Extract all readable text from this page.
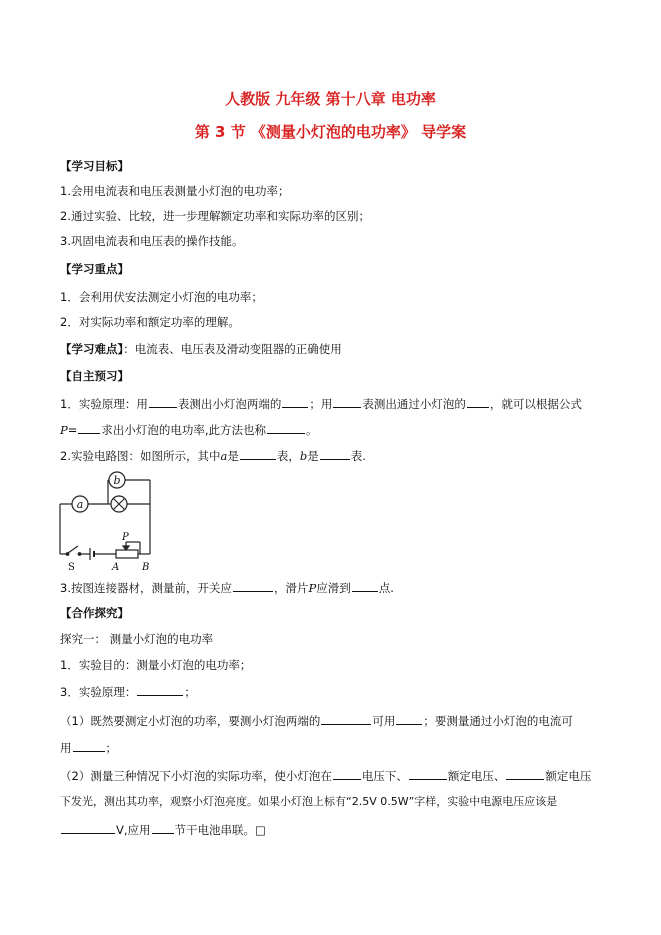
人教版 九年级 第十八章 电功率
第 3 节 《测量小灯泡的电功率》 导学案
【学习目标】
1.会用电流表和电压表测量小灯泡的电功率；
2.通过实验、比较，进一步理解额定功率和实际功率的区别；
3.巩固电流表和电压表的操作技能。
【学习重点】
1．会利用伏安法测定小灯泡的电功率；
2．对实际功率和额定功率的理解。
【学习难点】：电流表、电压表及滑动变阻器的正确使用
【自主预习】
1．实验原理：用	表测出小灯泡两端的 ；用	表测出通过小灯泡的 ，就可以根据公式
P= 求出小灯泡的电功率,此方法也称	。
2.实验电路图：如图所示，其中a是	表，b是	表.
a
b
P
S	A B
3.按图连接器材，测量前，开关应	，滑片P应滑到 点.
【合作探究】
探究一： 测量小灯泡的电功率
1．实验目的：测量小灯泡的电功率；
3．实验原理：	；
（1）既然要测定小灯泡的功率，要测小灯泡两端的	可用 ；要测量通过小灯泡的电流可
用	；
（2）测量三种情况下小灯泡的实际功率，使小灯泡在	电压下、	额定电压、	额定电压
下发光，测出其功率，观察小灯泡亮度。如果小灯泡上标有“2.5V 0.5W”字样，实验中电源电压应该是
V,应用 节干电池串联。□
